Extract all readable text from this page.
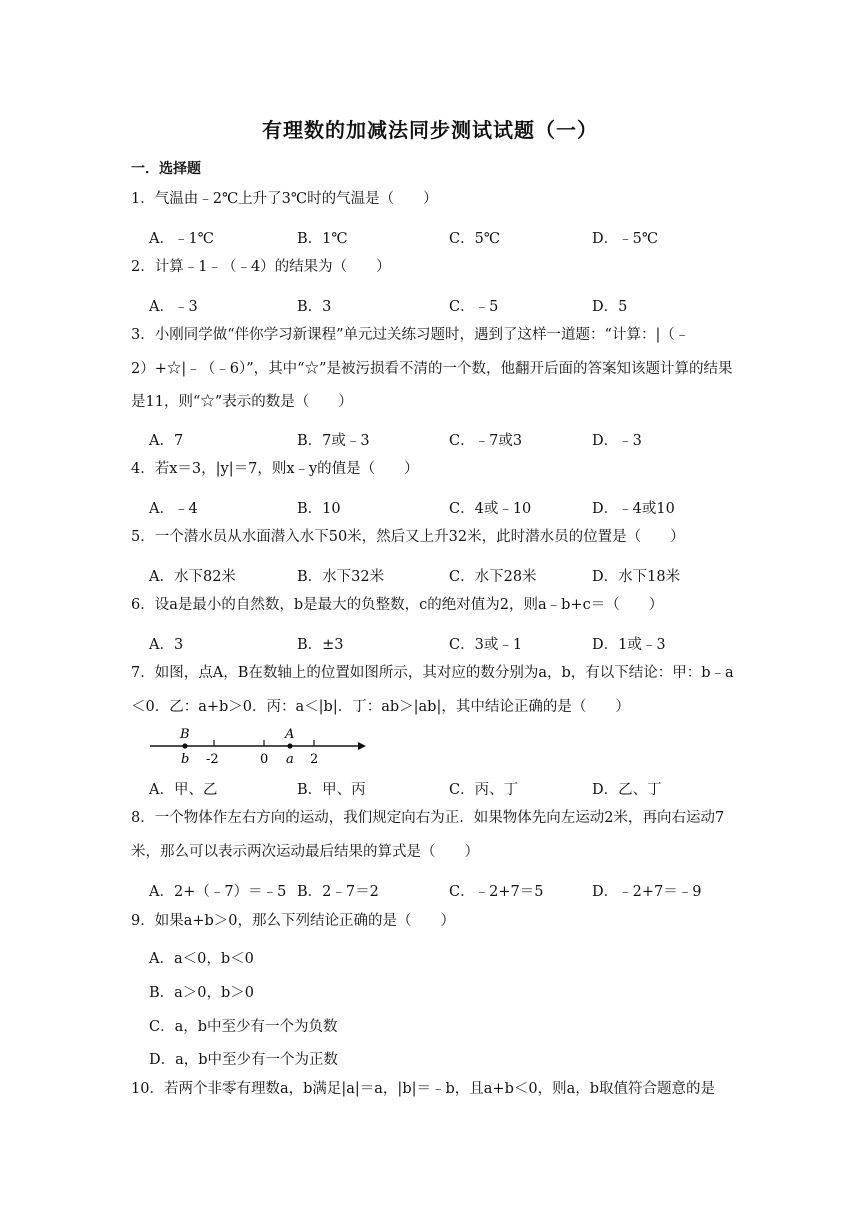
有理数的加减法同步测试试题（一）
一．选择题
1．气温由﹣2℃上升了3℃时的气温是（　　）
A．﹣1℃	B．1℃	C．5℃	D．﹣5℃
2．计算﹣1﹣（﹣4）的结果为（　　）
A．﹣3	B．3	C．﹣5	D．5
3．小刚同学做“伴你学习新课程”单元过关练习题时，遇到了这样一道题：“计算：|（﹣2）+☆|﹣（﹣6）”，其中“☆”是被污损看不清的一个数，他翻开后面的答案知该题计算的结果是11，则“☆”表示的数是（　　）
A．7	B．7或﹣3	C．﹣7或3	D．﹣3
4．若x＝3，|y|＝7，则x﹣y的值是（　　）
A．﹣4	B．10	C．4或﹣10	D．﹣4或10
5．一个潜水员从水面潜入水下50米，然后又上升32米，此时潜水员的位置是（　　）
A．水下82米	B．水下32米	C．水下28米	D．水下18米
6．设a是最小的自然数，b是最大的负整数，c的绝对值为2，则a﹣b+c＝（　　）
A．3	B．±3	C．3或﹣1	D．1或﹣3
7．如图，点A，B在数轴上的位置如图所示，其对应的数分别为a，b，有以下结论：甲：b﹣a＜0．乙：a+b＞0．丙：a＜|b|．丁：ab＞|ab|，其中结论正确的是（　　）
B	A
b -2	0 a 2
A．甲、乙	B．甲、丙	C．丙、丁	D．乙、丁
8．一个物体作左右方向的运动，我们规定向右为正．如果物体先向左运动2米，再向右运动7米，那么可以表示两次运动最后结果的算式是（　　）
A．2+（﹣7）＝﹣5 B．2﹣7＝2	C．﹣2+7＝5	D．﹣2+7＝﹣9
9．如果a+b＞0，那么下列结论正确的是（　　）
A．a＜0，b＜0
B．a＞0，b＞0
C．a，b中至少有一个为负数
D．a，b中至少有一个为正数
10．若两个非零有理数a，b满足|a|＝a，|b|＝﹣b，且a+b＜0，则a，b取值符合题意的是
